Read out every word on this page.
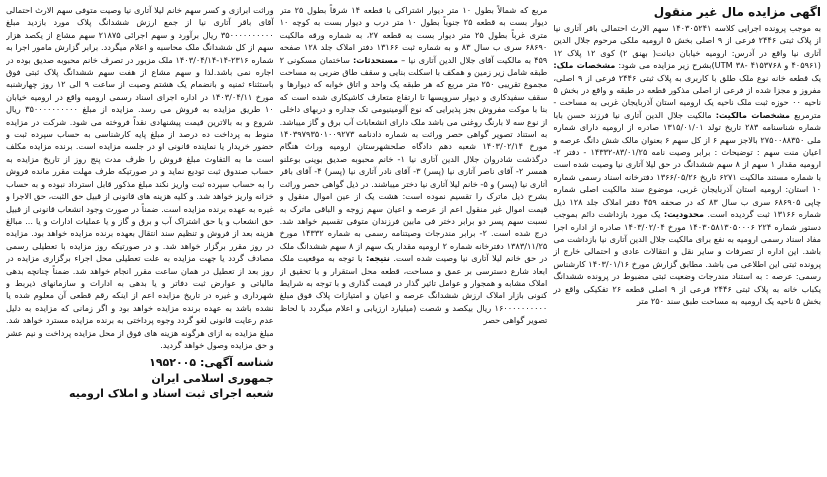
اگهی مزایده مال غیر منقول

به موجب پرونده اجرایی کلاسه ۱۴۰۳۰۵۲۴۱ سهم الارث احتمالی باقر آتاری نیا از پلاک ثبتی ۲۴۴۶ فرعی از ۹ اصلی بخش ۵ ارومیه ملکی مرحوم جلال الدین آتاری نیا واقع در آدرس: ارومیه خیابان دیانت( بهنق ۲) کوی ۱۲ پلاک ۱۲ (۴۰۵۹۶۱ و ۴۱۵۳۷۶۸ -۳۸ UTM)بشرح زیر مزایده می شود: مشخصات ملک: یک قطعه خانه نوع ملک طلق با کاربری به پلاک ثبتی ۲۴۴۶ فرعی از ۹ اصلی، مفروز و مجزا شده از فرعی از اصلی مذکور قطعه در طبقه و واقع در بخش ۵ ناحیه ۰۰ حوزه ثبت ملک ناحیه یک ارومیه استان آذربایجان غربی به مساحت - مترمربع مشخصات مالکیت: مالکیت جلال الدین آتاری نیا فرزند حسن بابا شماره شناسنامه ۲۸۳ تاریخ تولد ۱۳۱۵/۰۱/۰۱ صادره از ارومیه دارای شماره ملی ۲۷۵۰۰۸۸۳۵۰ بالاجز سهم ۶ از کل سهم ۶ بعنوان مالک شش دانگ عرصه و اعیان منت سهم : توضیحات : برابر وصیت نامه ۸۳/۰۱/۲۵-۱۴۳۳۲ - دفتر ۲- ارومیه مقدار ۱ سهم از ۸ سهم ششدانگ در حق لیلا آتاری نیا وصیت شده است با شماره مستند مالکیت ۶۲۷۱ تاریخ ۱۳۶۶/۰۵/۲۶ دفترخانه اسناد رسمی شماره ۱۰ استان: ارومیه استان آذربایجان غربی، موضوع سند مالکیت اصلی شماره چاپی ۶۸۶۹۰۵ سری ب سال ۸۳ که در صحفه ۴۵۹ دفتر املاک جلد ۱۲۸ ذیل شماره ۱۳۱۶۶ ثبت گردیده است. محدودیت: یک مورد بازداشت دائم بموجب دستور شماره ۲۲۴ ۱۴۰۳۰۵۸۱۳۰۵۰۰۰۶ مورخ ۱۴۰۳/۰۲/۰۴ صادره از اداره اجرا مفاد اسناد رسمی ارومیه به نفع برای مالکیت جلال الدین آتاری نیا بازداشت می باشد. این اداره از تصرفات و سایر نقل و انتقالات عادی و احتمالی خارج از پرونده ثبتی این اطلاعی می باشد. مطابق گزارش مورخ ۱۴۰۳/۰۱/۱۶ کارشناس رسمی: عرصه : به استناد مندرجات وضعیت ثبتی مضبوط در پرونده ششدانگ یکباب خانه به پلاک ثبتی ۲۴۴۶ فرعی از ۹ اصلی قطعه ۲۶ تفکیکی واقع در بخش ۵ ناحیه یک ارومیه به مساحت طبق سند ۲۵۰ متر

مربع که شمالاً بطول ۱۰ متر دیوار اشتراکی با قطعه ۱۴ شرقاً بطول ۲۵ متر دیوار بست به قطعه ۲۵ جنوباً بطول ۱۰ متر درب و دیوار بست به کوچه ۱۰ متری غرباً بطول ۲۵ متر دیوار بست به قطعه ۲۷، به شماره ورقه مالکیت ۶۸۶۹۰ سری ب سال ۸۳ و به شماره ثبت ۱۳۱۶۶ دفتر املاک جلد ۱۲۸ صفحه ۴۵۹ به مالکیت آقای جلال الدین آتاری نیا – مستحدثات: ساختمان مسکونی ۲ طبقه شامل زیر زمین و همکف با اسکلت بنایی و سقف طاق ضربی به مساحت مجموع تقریبی ۲۵۰ متر مربع که هر طبقه یک واحد و اتاق خوابه که دیوارها و سقف سفیدکاری و دیوار سرویسها تا ارتفاع متعارف کاشیکاری شده است که بنا با موکت مفروش بجز پذیرایی که نوع آلومینیومی تک جداره و دربهای داخلی از نوع سه لا بارنگ روغنی می باشد ملک دارای انشعابات آب برق و گاز میباشد. به استناد تصویر گواهی حصر وراثت به شماره دادنامه ۱۴۰۳۹۷۹۳۵۰۱۰۰۹۲۷۳ مورخ ۱۴۰۳/۰۲/۱۴ شعبه دهم دادگاه صلحشهرستان ارومیه وراث هنگام درگذشت شادروان جلال الدین آتاری نیا ۱- خانم محبوبه صدیق بوینی بوعلنو همسر ۲- آقای ناصر آتاری نیا (پسر) ۳- آقای نادر آتاری نیا (پسر) ۴- آقای باقر آتاری نیا (پسر) و ۵- خانم لیلا آتاری نیا دختر میباشند. در ذیل گواهی حصر وراثت بشرح ذیل ماترک را تقسیم نموده است: هشت یک از عین اموال منقول و قیمت اموال غیر منقول اعم از عرصه و اعیان سهم زوجه و الباقی ماترک به نسبت سهم پسر دو برابر دختر فی مابین فرزندان متوفی تقسیم خواهد شد. درج شده است. ۲- برابر مندرجات وصیتنامه رسمی به شماره ۱۴۳۳۲ مورخ ۱۳۸۳/۱۱/۲۵ دفترخانه شماره ۲ ارومیه مقدار یک سهم از ۸ سهم ششدانگ ملک در حق خانم لیلا آتاری نیا وصیت شده است. نتیجه: با توجه به موقعیت ملک ابعاد شارع دسترسی بر عمق و مساحت، قطعه محل استقرار و با تحقیق از املاک مشابه و همجوار و عوامل تاثیر گذار در قیمت گذاری و با توجه به شرایط کنونی بازار املاک ارزش ششدانگ عرصه و اعیان و امتیازات پلاک فوق مبلغ ۱۶۰۰۰۰۰۰۰۰۰۰ ریال بیکصد و شصت (میلیارد ارزیابی و اعلام میگردد با لحاظ تصویر گواهی حصر

وراثت ابرازی و کسر سهم خانم لیلا آتاری نیا وصیت متوفی سهم الارث احتمالی آقای باقر آتاری نیا از جمع ارزش ششدانگ پلاک مورد بازدید مبلغ ۳۵۰۰۰۰۰۰۰۰۰۰ ریال برآورد و سهم اجرائی ۲۱۸۷۵ سهم مشاع از یکصد هزار سهم از کل ششدانگ ملک محاسبه و اعلام میگردد. برابر گزارش مامور اجرا به شماره ۲۳۱۶-۱۴-۱۴۰۳/۰۴/۱۴ ملک مزبور در تصرف خانم محبوبه صدیق بوده در اجاره نمی باشد.لذا و سهم مشاع از هفت سهم ششدانگ پلاک ثبتی فوق باستثناء ثمنیه و بانضمام یک هشتم وصیت از ساعت ۹ الی ۱۲ روز چهارشنبه مورخ ۱۴۰۳/۰۴/۱۱ در اداره اجرای اسناد رسمی ارومیه واقع در ارومیه خیابان ۱۰ طریق مزایده به فروش می رسد. مزایده از مبلغ ۳۵۰۰۰۰۰۰۰۰۰۰ ریال شروع و به بالاترین قیمت پیشنهادی نقداً فروخته می شود. شرکت در مزایده منوط به پرداخت ده درصد از مبلغ پایه کارشناسی به حساب سپرده ثبت و حضور خریدار یا نماینده قانونی او در جلسه مزایده است. برنده مزایده مکلف است ما به التفاوت مبلغ فروش را ظرف مدت پنج روز از تاریخ مزایده به حساب صندوق ثبت تودیع نماید و در صورتیکه طرف مهلت مقرر مانده فروش را به حساب سپرده ثبت واریز نکند مبلغ مذکور قابل استرداد نبوده و به حساب خزانه واریز خواهد شد. و کلیه هزینه های قانونی از قبیل حق الثبت، حق الاجرا و غیره به عهده برنده مزایده است. ضمناً در صورت وجود انشعاب قانونی از قبیل حق انشعاب و یا حق اشتراک آب و برق و گاز و یا عملیات ادارات و یا ... مبالغ هزینه بعد از فروش و تنظیم سند انتقال بعهده برنده مزایده خواهد بود. مزایده در روز مقرر برگزار خواهد شد. و در صورتیکه روز مزایده با تعطیلی رسمی مصادف گردد یا جهت مزایده به علت تعطیلی محل اجراء برگزاری مزایده در روز بعد از تعطیل در همان ساعت مقرر انجام خواهد شد. ضمناً چنانچه بدهی مالیاتی و عوارض ثبت دفاتر و یا بدهی به ادارات و سازمانهای ذیربط و شهرداری و غیره در تاریخ مزایده اعم از اینکه رقم قطعی آن معلوم شده یا نشده باشد به عهده برنده مزایده خواهد بود و اگر زمانی که مزایده به دلیل عدم رعایت قانونی لغو گردد وجوه پرداختی به برنده مزایده مسترد خواهد شد. مبلغ مزایده به ازای هرگونه هزینه های فوق از محل مزایده پرداخت و نیم عشر و حق مزایده وصول خواهد گردید.

شناسه آگهی: ۱۹۵۲۰۰۵
جمهوری اسلامی ایران
شعبه اجرای ثبت اسناد و املاک ارومیه
